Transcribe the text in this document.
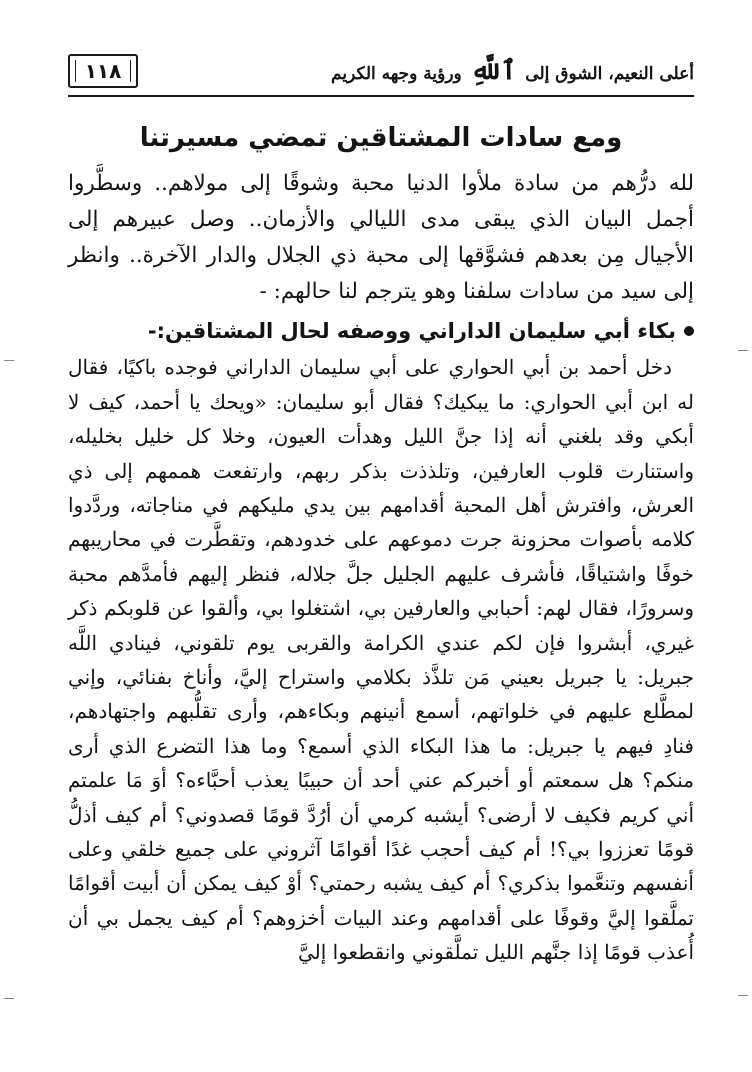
أعلى النعيم، الشوق إلى ٱللَّهِ ورؤية وجهه الكريم
١١٨
ومع سادات المشتاقين تمضي مسيرتنا

لله درُّهم من سادة ملأوا الدنيا محبة وشوقًا إلى مولاهم.. وسطَّروا أجمل البيان الذي يبقى مدى الليالي والأزمان.. وصل عبيرهم إلى الأجيال مِن بعدهم فشوَّقها إلى محبة ذي الجلال والدار الآخرة.. وانظر إلى سيد من سادات سلفنا وهو يترجم لنا حالهم: -

بكاء أبي سليمان الداراني ووصفه لحال المشتاقين:-

دخل أحمد بن أبي الحواري على أبي سليمان الداراني فوجده باكيًا، فقال له ابن أبي الحواري: ما يبكيك؟ فقال أبو سليمان: «ويحك يا أحمد، كيف لا أبكي وقد بلغني أنه إذا جنَّ الليل وهدأت العيون، وخلا كل خليل بخليله، واستنارت قلوب العارفين، وتلذذت بذكر ربهم، وارتفعت هممهم إلى ذي العرش، وافترش أهل المحبة أقدامهم بين يدي مليكهم في مناجاته، وردَّدوا كلامه بأصوات محزونة جرت دموعهم على خدودهم، وتقطَّرت في محاريبهم خوفًا واشتياقًا، فأشرف عليهم الجليل جلَّ جلاله، فنظر إليهم فأمدَّهم محبة وسرورًا، فقال لهم: أحبابي والعارفين بي، اشتغلوا بي، وألقوا عن قلوبكم ذكر غيري، أبشروا فإن لكم عندي الكرامة والقربى يوم تلقوني، فينادي اللَّه جبريل: يا جبريل بعيني مَن تلذَّذ بكلامي واستراح إليَّ، وأناخ بفنائي، وإني لمطَّلع عليهم في خلواتهم، أسمع أنينهم وبكاءهم، وأرى تقلُّبهم واجتهادهم، فنادِ فيهم يا جبريل: ما هذا البكاء الذي أسمع؟ وما هذا التضرع الذي أرى منكم؟ هل سمعتم أو أخبركم عني أحد أن حبيبًا يعذب أحبَّاءه؟ أوَ مَا علمتم أني كريم فكيف لا أرضى؟ أيشبه كرمي أن أرُدَّ قومًا قصدوني؟ أم كيف أذلُّ قومًا تعززوا بي؟! أم كيف أحجب غدًا أقوامًا آثروني على جميع خلقي وعلى أنفسهم وتنعَّموا بذكري؟ أم كيف يشبه رحمتي؟ أوْ كيف يمكن أن أبيت أقوامًا تملَّقوا إليَّ وقوفًا على أقدامهم وعند البيات أخزوهم؟ أم كيف يجمل بي أن أُعذب قومًا إذا جنَّهم الليل تملَّقوني وانقطعوا إليَّ
